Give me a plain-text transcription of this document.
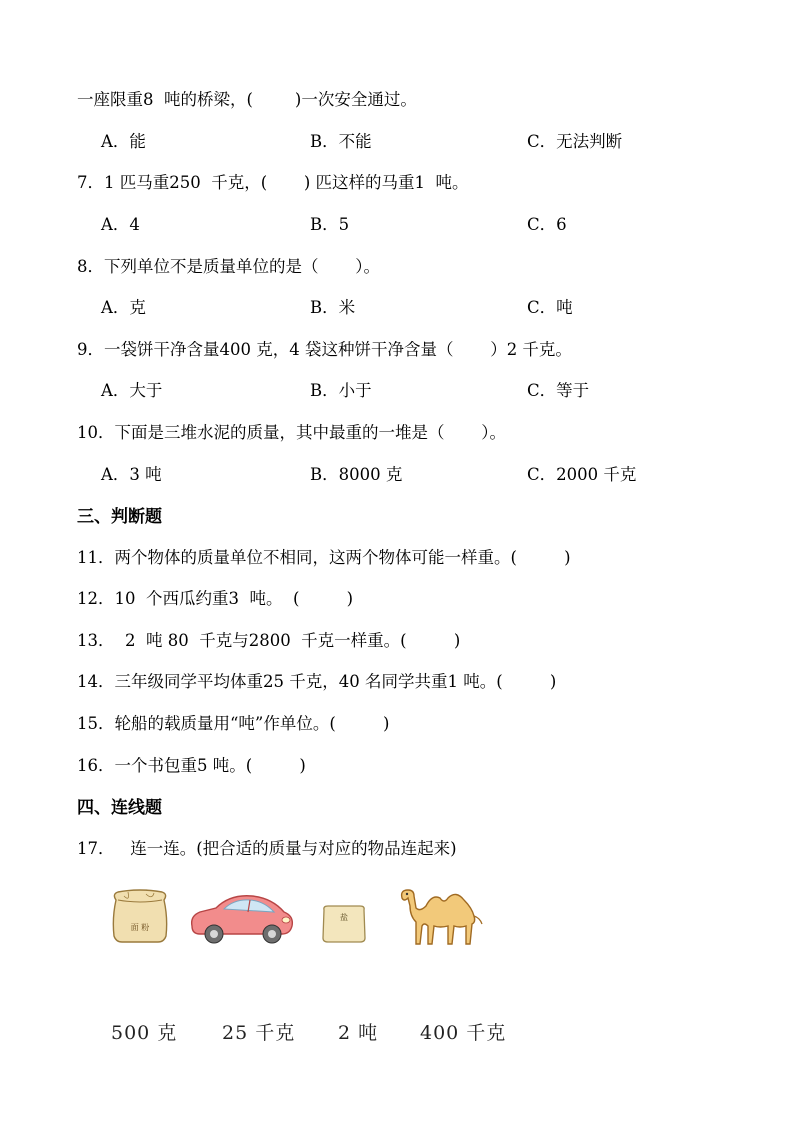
一座限重8  吨的桥梁，(        )一次安全通过。
A．能	B．不能	C．无法判断
7．1 匹马重250  千克，(       ) 匹这样的马重1  吨。
A．4	B．5	C．6
8．下列单位不是质量单位的是（       ）。
A．克	B．米	C．吨
9．一袋饼干净含量400 克，4 袋这种饼干净含量（       ）2 千克。
A．大于	B．小于	C．等于
10．下面是三堆水泥的质量，其中最重的一堆是（       ）。
A．3 吨	B．8000 克	C．2000 千克
三、判断题
11．两个物体的质量单位不相同，这两个物体可能一样重。(         )
12．10  个西瓜约重3  吨。  (         )
13．  2  吨 80  千克与2800  千克一样重。(         )
14．三年级同学平均体重25 千克，40 名同学共重1 吨。(         )
15．轮船的载质量用“吨”作单位。(         )
16．一个书包重5 吨。(         )
四、连线题
17．   连一连。(把合适的质量与对应的物品连起来)
面 粉
盐
500 克 25 千克 2 吨 400 千克
